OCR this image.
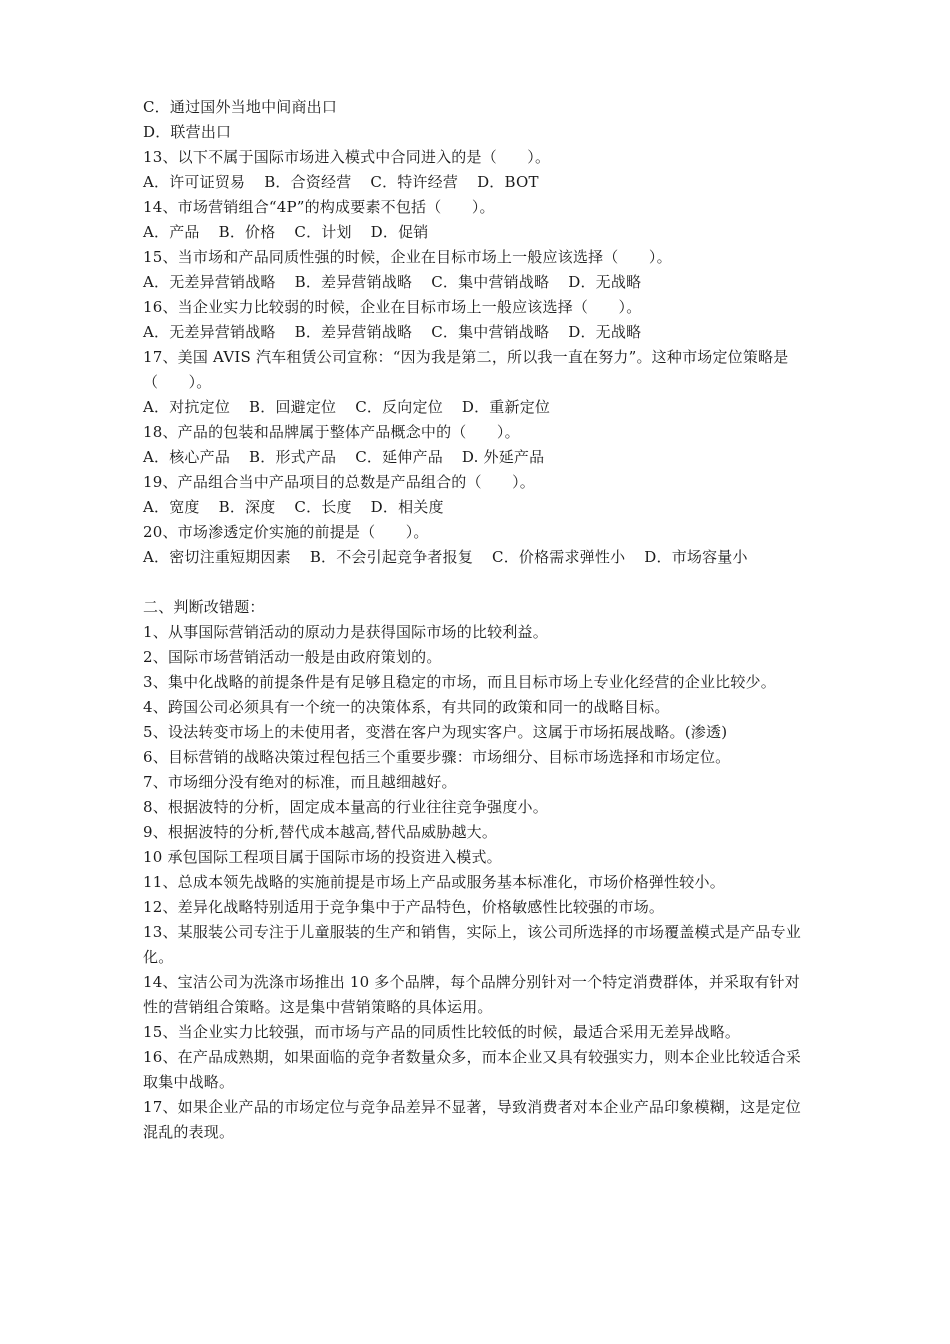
C．通过国外当地中间商出口
D．联营出口
13、以下不属于国际市场进入模式中合同进入的是（　　）。
A．许可证贸易 B．合资经营 C．特许经营 D．BOT
14、市场营销组合“4P”的构成要素不包括（　　）。
A．产品 B．价格 C．计划 D．促销
15、当市场和产品同质性强的时候，企业在目标市场上一般应该选择（　　）。
A．无差异营销战略 B．差异营销战略 C．集中营销战略 D．无战略
16、当企业实力比较弱的时候，企业在目标市场上一般应该选择（　　）。
A．无差异营销战略 B．差异营销战略 C．集中营销战略 D．无战略
17、美国 AVIS 汽车租赁公司宣称：“因为我是第二，所以我一直在努力”。这种市场定位策略是（　　）。
A．对抗定位 B．回避定位 C．反向定位 D．重新定位
18、产品的包装和品牌属于整体产品概念中的（　　）。
A．核心产品 B．形式产品 C．延伸产品 D. 外延产品
19、产品组合当中产品项目的总数是产品组合的（　　）。
A．宽度 B．深度 C．长度 D．相关度
20、市场渗透定价实施的前提是（　　）。
A．密切注重短期因素 B．不会引起竞争者报复 C．价格需求弹性小 D．市场容量小
二、判断改错题：
1、从事国际营销活动的原动力是获得国际市场的比较利益。
2、国际市场营销活动一般是由政府策划的。
3、集中化战略的前提条件是有足够且稳定的市场，而且目标市场上专业化经营的企业比较少。
4、跨国公司必须具有一个统一的决策体系，有共同的政策和同一的战略目标。
5、设法转变市场上的未使用者，变潜在客户为现实客户。这属于市场拓展战略。(渗透)
6、目标营销的战略决策过程包括三个重要步骤：市场细分、目标市场选择和市场定位。
7、市场细分没有绝对的标准，而且越细越好。
8、根据波特的分析，固定成本量高的行业往往竞争强度小。
9、根据波特的分析,替代成本越高,替代品威胁越大。
10 承包国际工程项目属于国际市场的投资进入模式。
11、总成本领先战略的实施前提是市场上产品或服务基本标准化，市场价格弹性较小。
12、差异化战略特别适用于竞争集中于产品特色，价格敏感性比较强的市场。
13、某服装公司专注于儿童服装的生产和销售，实际上，该公司所选择的市场覆盖模式是产品专业化。
14、宝洁公司为洗涤市场推出 10 多个品牌，每个品牌分别针对一个特定消费群体，并采取有针对性的营销组合策略。这是集中营销策略的具体运用。
15、当企业实力比较强，而市场与产品的同质性比较低的时候，最适合采用无差异战略。
16、在产品成熟期，如果面临的竞争者数量众多，而本企业又具有较强实力，则本企业比较适合采取集中战略。
17、如果企业产品的市场定位与竞争品差异不显著，导致消费者对本企业产品印象模糊，这是定位混乱的表现。
